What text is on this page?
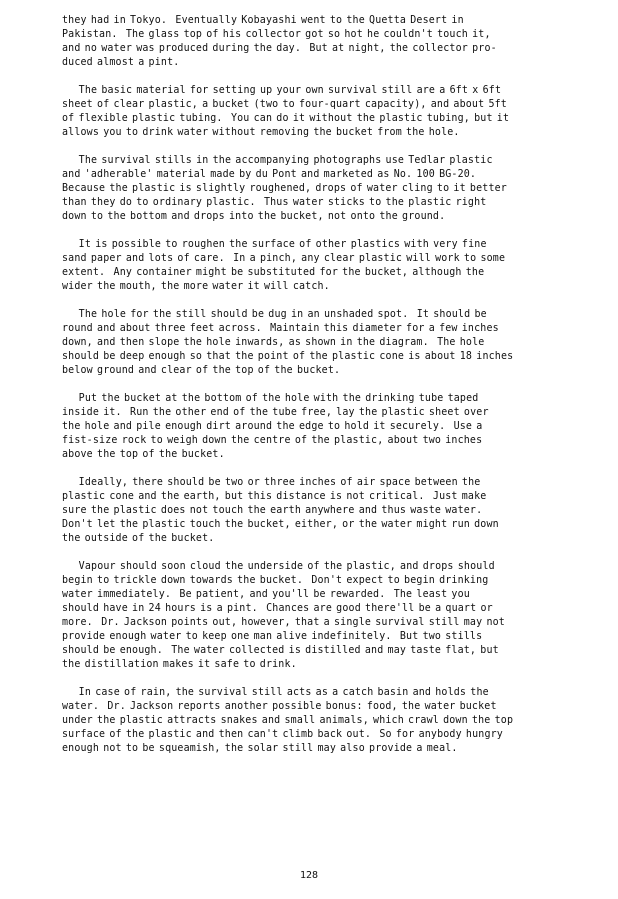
they had in Tokyo.  Eventually Kobayashi went to the Quetta Desert in
Pakistan.  The glass top of his collector got so hot he couldn't touch it,
and no water was produced during the day.  But at night, the collector pro-
duced almost a pint.
The basic material for setting up your own survival still are a 6ft x 6ft
sheet of clear plastic, a bucket (two to four-quart capacity), and about 5ft
of flexible plastic tubing.  You can do it without the plastic tubing, but it
allows you to drink water without removing the bucket from the hole.
The survival stills in the accompanying photographs use Tedlar plastic
and 'adherable' material made by du Pont and marketed as No. 100 BG-20.
Because the plastic is slightly roughened, drops of water cling to it better
than they do to ordinary plastic.  Thus water sticks to the plastic right
down to the bottom and drops into the bucket, not onto the ground.
It is possible to roughen the surface of other plastics with very fine
sand paper and lots of care.  In a pinch, any clear plastic will work to some
extent.  Any container might be substituted for the bucket, although the
wider the mouth, the more water it will catch.
The hole for the still should be dug in an unshaded spot.  It should be
round and about three feet across.  Maintain this diameter for a few inches
down, and then slope the hole inwards, as shown in the diagram.  The hole
should be deep enough so that the point of the plastic cone is about 18 inches
below ground and clear of the top of the bucket.
Put the bucket at the bottom of the hole with the drinking tube taped
inside it.  Run the other end of the tube free, lay the plastic sheet over
the hole and pile enough dirt around the edge to hold it securely.  Use a
fist-size rock to weigh down the centre of the plastic, about two inches
above the top of the bucket.
Ideally, there should be two or three inches of air space between the
plastic cone and the earth, but this distance is not critical.  Just make
sure the plastic does not touch the earth anywhere and thus waste water.
Don't let the plastic touch the bucket, either, or the water might run down
the outside of the bucket.
Vapour should soon cloud the underside of the plastic, and drops should
begin to trickle down towards the bucket.  Don't expect to begin drinking
water immediately.  Be patient, and you'll be rewarded.  The least you
should have in 24 hours is a pint.  Chances are good there'll be a quart or
more.  Dr. Jackson points out, however, that a single survival still may not
provide enough water to keep one man alive indefinitely.  But two stills
should be enough.  The water collected is distilled and may taste flat, but
the distillation makes it safe to drink.
In case of rain, the survival still acts as a catch basin and holds the
water.  Dr. Jackson reports another possible bonus: food, the water bucket
under the plastic attracts snakes and small animals, which crawl down the top
surface of the plastic and then can't climb back out.  So for anybody hungry
enough not to be squeamish, the solar still may also provide a meal.
128
